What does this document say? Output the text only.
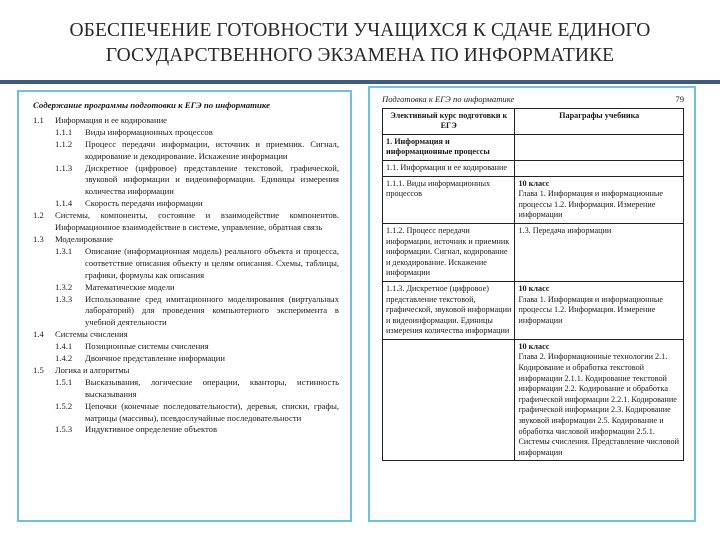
ОБЕСПЕЧЕНИЕ ГОТОВНОСТИ УЧАЩИХСЯ К СДАЧЕ ЕДИНОГО
ГОСУДАРСТВЕННОГО ЭКЗАМЕНА ПО ИНФОРМАТИКЕ
Содержание программы подготовки к ЕГЭ по информатике
1.1	Информация и ее кодирование
1.1.1	Виды информационных процессов
1.1.2	Процесс передачи информации, источник и приемник. Сигнал, кодирование и декодирование. Искажение информации
1.1.3	Дискретное (цифровое) представление текстовой, графической, звуковой информации и видеоинформации. Единицы измерения количества информации
1.1.4	Скорость передачи информации
1.2	Системы, компоненты, состояние и взаимодействие компонентов. Информационное взаимодействие в системе, управление, обратная связь
1.3	Моделирование
1.3.1	Описание (информационная модель) реального объекта и процесса, соответствие описания объекту и целям описания. Схемы, таблицы, графики, формулы как описания
1.3.2	Математические модели
1.3.3	Использование сред имитационного моделирования (виртуальных лабораторий) для проведения компьютерного эксперимента в учебной деятельности
1.4	Системы счисления
1.4.1	Позиционные системы счисления
1.4.2	Двоичное представление информации
1.5	Логика и алгоритмы
1.5.1	Высказывания, логические операции, кванторы, истинность высказывания
1.5.2	Цепочки (конечные последовательности), деревья, списки, графы, матрицы (массивы), псевдослучайные последовательности
1.5.3	Индуктивное определение объектов
Подготовка к ЕГЭ по информатике	79
Элективный курс подготовки к ЕГЭ	Параграфы учебника
1. Информация и информационные процессы	

1.1. Информация и ее кодирование	

1.1.1. Виды информационных процессов	10 класс
Глава 1. Информация и информационные процессы 1.2. Информация. Измерение информации

1.1.2. Процесс передачи информации, источник и приемник информации. Сигнал, кодирование и декодирование. Искажение информации	1.3. Передача информации

1.1.3. Дискретное (цифровое) представление текстовой, графической, звуковой информации и видеоинформации. Единицы измерения количества информации	10 класс
Глава 1. Информация и информационные процессы 1.2. Информация. Измерение информации

	10 класс
Глава 2. Информационные технологии 2.1. Кодирование и обработка текстовой информации 2.1.1. Кодирование текстовой информации 2.2. Кодирование и обработка графической информации 2.2.1. Кодирование графической информации 2.3. Кодирование звуковой информации 2.5. Кодирование и обработка числовой информации 2.5.1. Системы счисления. Представление числовой информации
